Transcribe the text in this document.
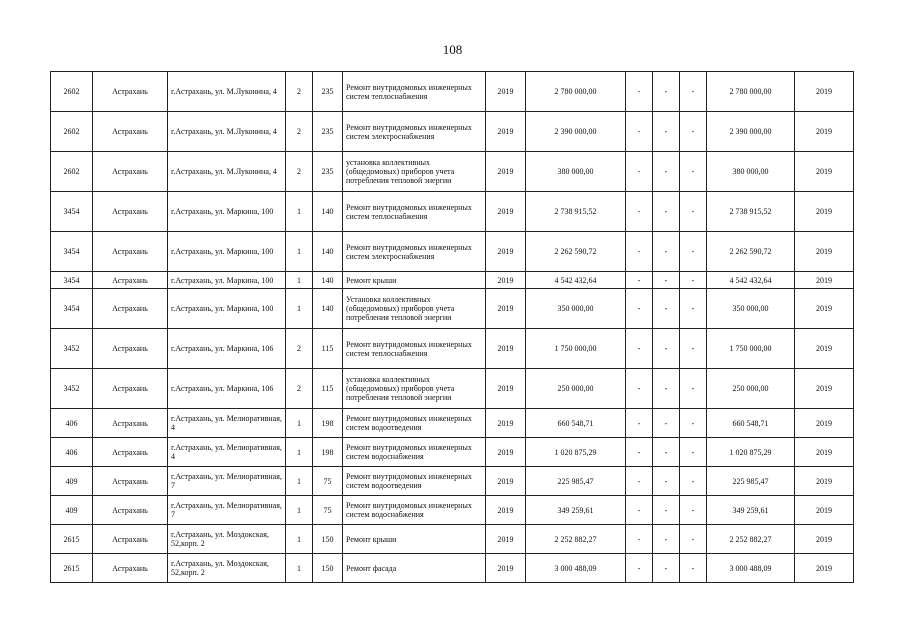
108
2602	Астрахань	г.Астрахань, ул. М.Луконина, 4	2	235	Ремонт внутридомовых инженерных систем теплоснабжения	2019	2 780 000,00	-	-	-	2 780 000,00	2019
2602	Астрахань	г.Астрахань, ул. М.Луконина, 4	2	235	Ремонт внутридомовых инженерных систем электроснабжения	2019	2 390 000,00	-	-	-	2 390 000,00	2019
2602	Астрахань	г.Астрахань, ул. М.Луконина, 4	2	235	установка коллективных (общедомовых) приборов учета потребления тепловой энергии	2019	380 000,00	-	-	-	380 000,00	2019
3454	Астрахань	г.Астрахань, ул. Маркина, 100	1	140	Ремонт внутридомовых инженерных систем теплоснабжения	2019	2 738 915,52	-	-	-	2 738 915,52	2019
3454	Астрахань	г.Астрахань, ул. Маркина, 100	1	140	Ремонт внутридомовых инженерных систем электроснабжения	2019	2 262 590,72	-	-	-	2 262 590,72	2019
3454	Астрахань	г.Астрахань, ул. Маркина, 100	1	140	Ремонт крыши	2019	4 542 432,64	-	-	-	4 542 432,64	2019
3454	Астрахань	г.Астрахань, ул. Маркина, 100	1	140	Установка коллективных (общедомовых) приборов учета потребления тепловой энергии	2019	350 000,00	-	-	-	350 000,00	2019
3452	Астрахань	г.Астрахань, ул. Маркина, 106	2	115	Ремонт внутридомовых инженерных систем теплоснабжения	2019	1 750 000,00	-	-	-	1 750 000,00	2019
3452	Астрахань	г.Астрахань, ул. Маркина, 106	2	115	установка коллективных (общедомовых) приборов учета потребления тепловой энергии	2019	250 000,00	-	-	-	250 000,00	2019
406	Астрахань	г.Астрахань, ул. Мелиоративная, 4	1	198	Ремонт внутридомовых инженерных систем водоотведения	2019	660 548,71	-	-	-	660 548,71	2019
406	Астрахань	г.Астрахань, ул. Мелиоративная, 4	1	198	Ремонт внутридомовых инженерных систем водоснабжения	2019	1 020 875,29	-	-	-	1 020 875,29	2019
409	Астрахань	г.Астрахань, ул. Мелиоративная, 7	1	75	Ремонт внутридомовых инженерных систем водоотведения	2019	225 985,47	-	-	-	225 985,47	2019
409	Астрахань	г.Астрахань, ул. Мелиоративная, 7	1	75	Ремонт внутридомовых инженерных систем водоснабжения	2019	349 259,61	-	-	-	349 259,61	2019
2615	Астрахань	г.Астрахань, ул. Моздокская, 52,корп. 2	1	150	Ремонт крыши	2019	2 252 882,27	-	-	-	2 252 882,27	2019
2615	Астрахань	г.Астрахань, ул. Моздокская, 52,корп. 2	1	150	Ремонт фасада	2019	3 000 488,09	-	-	-	3 000 488,09	2019
